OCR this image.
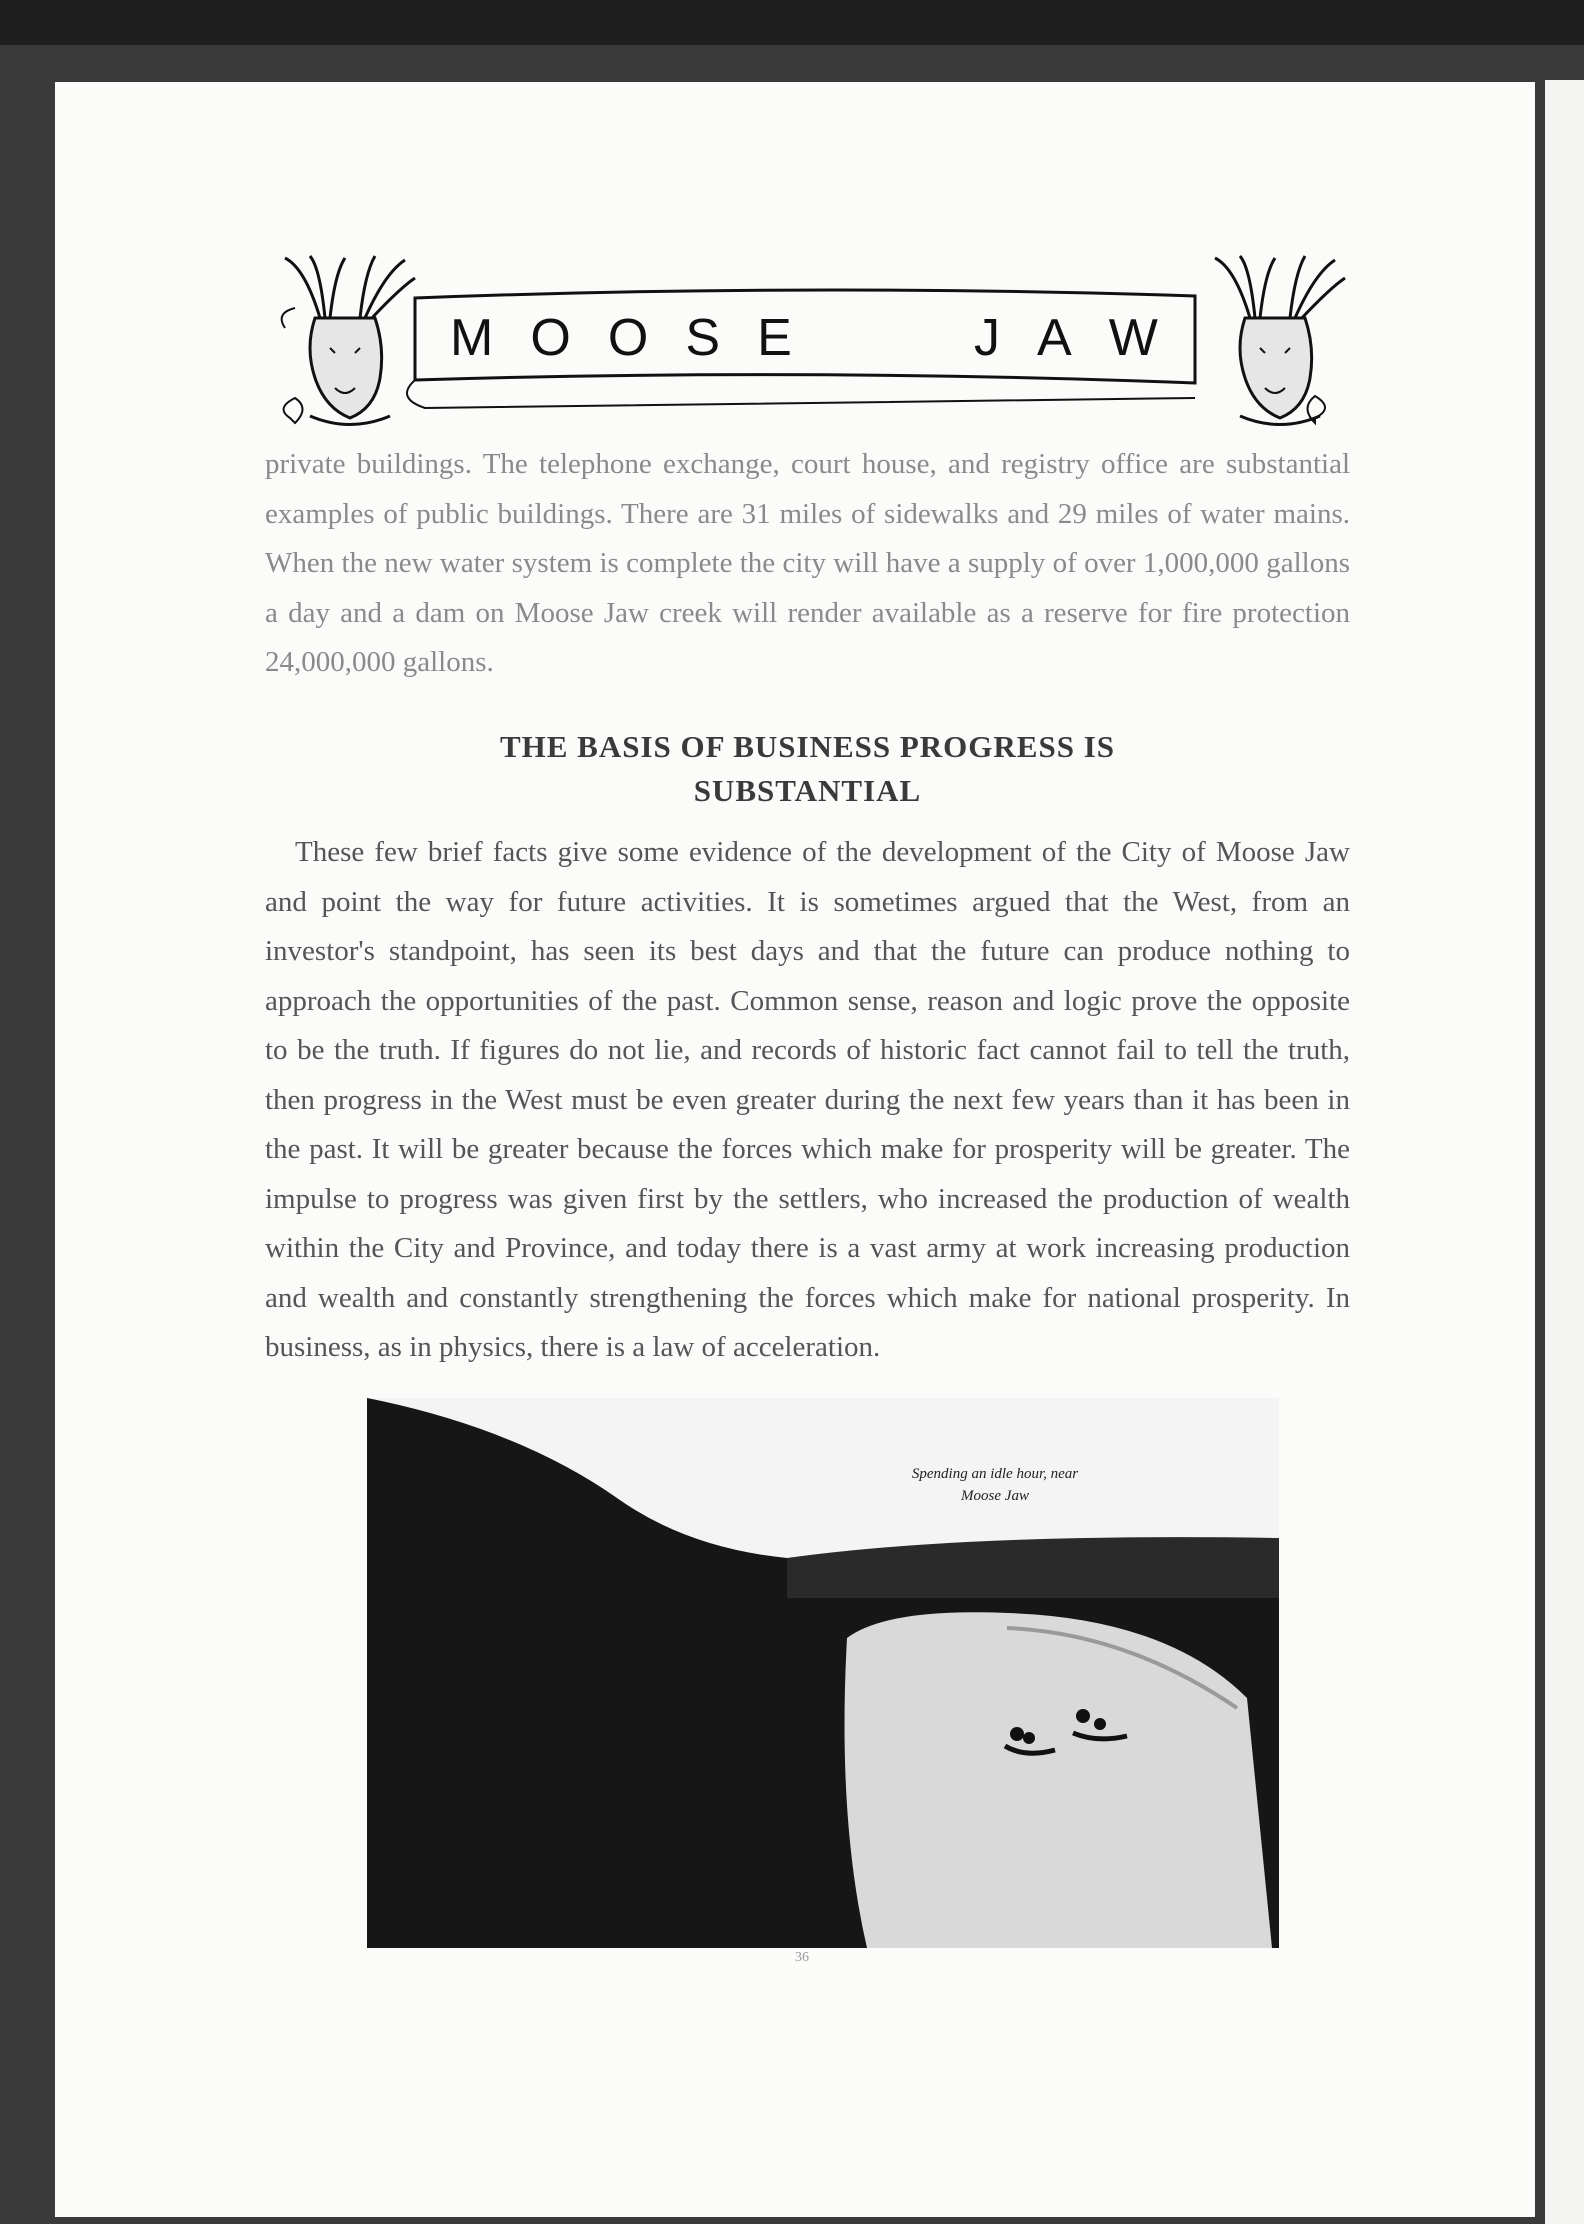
M O O S E	J A W

private buildings. The telephone exchange, court house, and registry office are substantial examples of public buildings. There are 31 miles of sidewalks and 29 miles of water mains. When the new water system is complete the city will have a supply of over 1,000,000 gallons a day and a dam on Moose Jaw creek will render available as a reserve for fire protection 24,000,000 gallons.

THE BASIS OF BUSINESS PROGRESS IS
SUBSTANTIAL

These few brief facts give some evidence of the development of the City of Moose Jaw and point the way for future activities. It is sometimes argued that the West, from an investor's standpoint, has seen its best days and that the future can produce nothing to approach the opportunities of the past. Common sense, reason and logic prove the opposite to be the truth. If figures do not lie, and records of historic fact cannot fail to tell the truth, then progress in the West must be even greater during the next few years than it has been in the past. It will be greater because the forces which make for prosperity will be greater. The impulse to progress was given first by the settlers, who increased the production of wealth within the City and Province, and today there is a vast army at work increasing production and wealth and constantly strengthening the forces which make for national prosperity. In business, as in physics, there is a law of acceleration.

Spending an idle hour, near
Moose Jaw
36
